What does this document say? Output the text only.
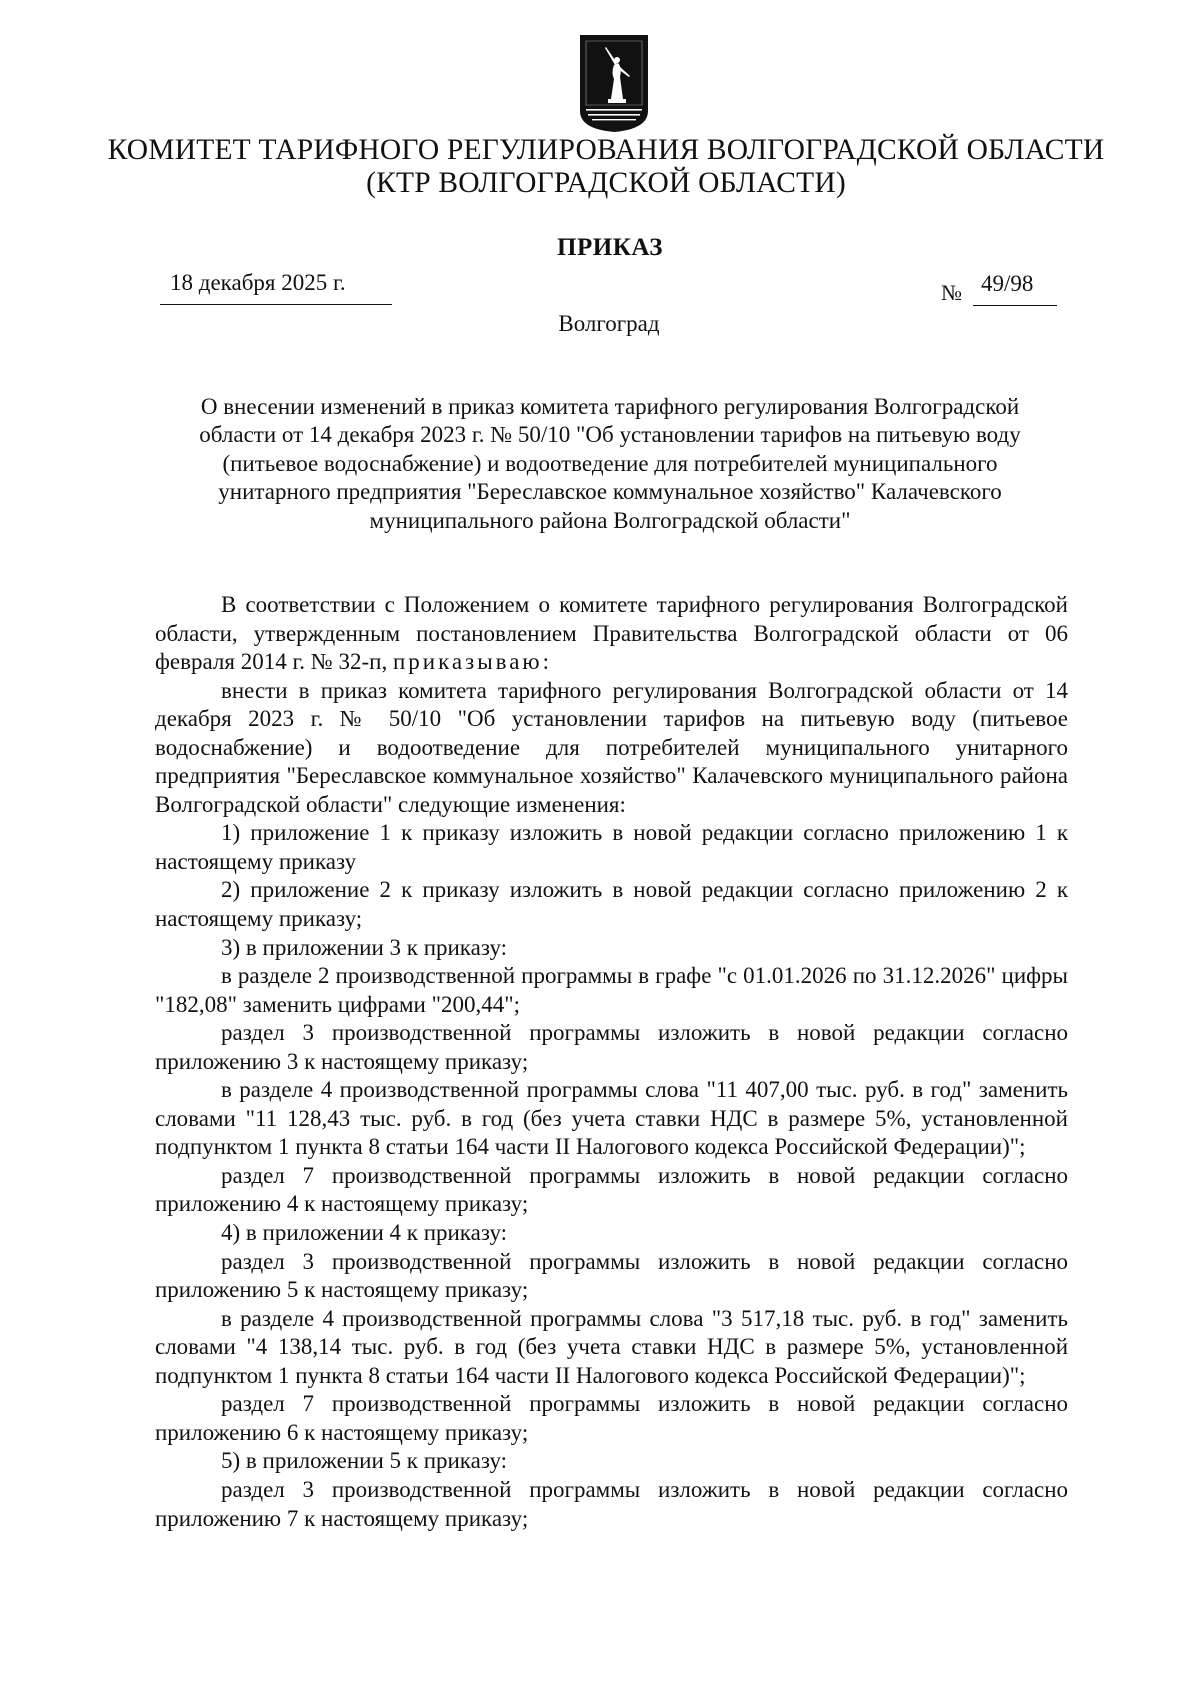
КОМИТЕТ ТАРИФНОГО РЕГУЛИРОВАНИЯ ВОЛГОГРАДСКОЙ ОБЛАСТИ
(КТР ВОЛГОГРАДСКОЙ ОБЛАСТИ)
ПРИКАЗ
18 декабря 2025 г.	№ 49/98
Волгоград
О внесении изменений в приказ комитета тарифного регулирования Волгоградской
области от 14 декабря 2023 г. № 50/10 "Об установлении тарифов на питьевую воду
(питьевое водоснабжение) и водоотведение для потребителей муниципального
унитарного предприятия "Береславское коммунальное хозяйство" Калачевского
муниципального района Волгоградской области"

В соответствии с Положением о комитете тарифного регулирования Волгоградской области, утвержденным постановлением Правительства Волгоградской области от 06 февраля 2014 г. № 32-п, приказываю:

внести в приказ комитета тарифного регулирования Волгоградской области от 14 декабря 2023 г. № 50/10 "Об установлении тарифов на питьевую воду (питьевое водоснабжение) и водоотведение для потребителей муниципального унитарного предприятия "Береславское коммунальное хозяйство" Калачевского муниципального района Волгоградской области" следующие изменения:

1) приложение 1 к приказу изложить в новой редакции согласно приложению 1 к настоящему приказу

2) приложение 2 к приказу изложить в новой редакции согласно приложению 2 к настоящему приказу;

3) в приложении 3 к приказу:

в разделе 2 производственной программы в графе "с 01.01.2026 по 31.12.2026" цифры "182,08" заменить цифрами "200,44";

раздел 3 производственной программы изложить в новой редакции согласно приложению 3 к настоящему приказу;

в разделе 4 производственной программы слова "11 407,00 тыс. руб. в год" заменить словами "11 128,43 тыс. руб. в год (без учета ставки НДС в размере 5%, установленной подпунктом 1 пункта 8 статьи 164 части II Налогового кодекса Российской Федерации)";

раздел 7 производственной программы изложить в новой редакции согласно приложению 4 к настоящему приказу;

4) в приложении 4 к приказу:

раздел 3 производственной программы изложить в новой редакции согласно приложению 5 к настоящему приказу;

в разделе 4 производственной программы слова "3 517,18 тыс. руб. в год" заменить словами "4 138,14 тыс. руб. в год (без учета ставки НДС в размере 5%, установленной подпунктом 1 пункта 8 статьи 164 части II Налогового кодекса Российской Федерации)";

раздел 7 производственной программы изложить в новой редакции согласно приложению 6 к настоящему приказу;

5) в приложении 5 к приказу:

раздел 3 производственной программы изложить в новой редакции согласно приложению 7 к настоящему приказу;
